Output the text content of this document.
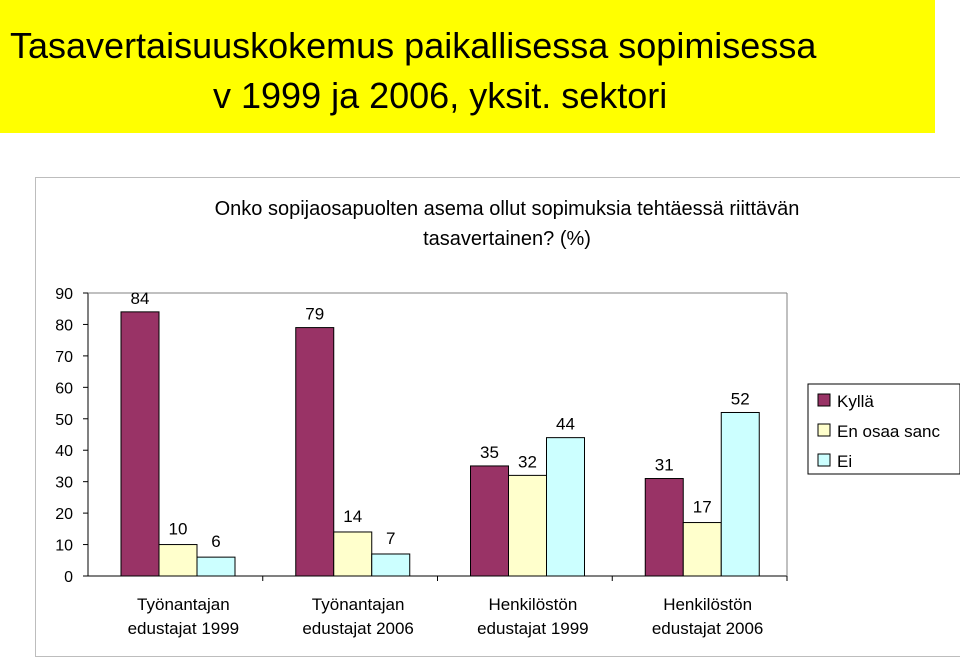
Tasavertaisuuskokemus paikallisessa sopimisessa
v 1999 ja 2006, yksit. sektori
Onko sopijaosapuolten asema ollut sopimuksia tehtäessä riittävän
tasavertainen? (%)
0
10
20
30
40
50
60
70
80
90	84
10
6
Työnantajan
edustajat 1999
79
14
7
Työnantajan
edustajat 2006
35 32
44
Henkilöstön
edustajat 1999
31
17
52
Henkilöstön
edustajat 2006
Kyllä
En osaa sanc
Ei
